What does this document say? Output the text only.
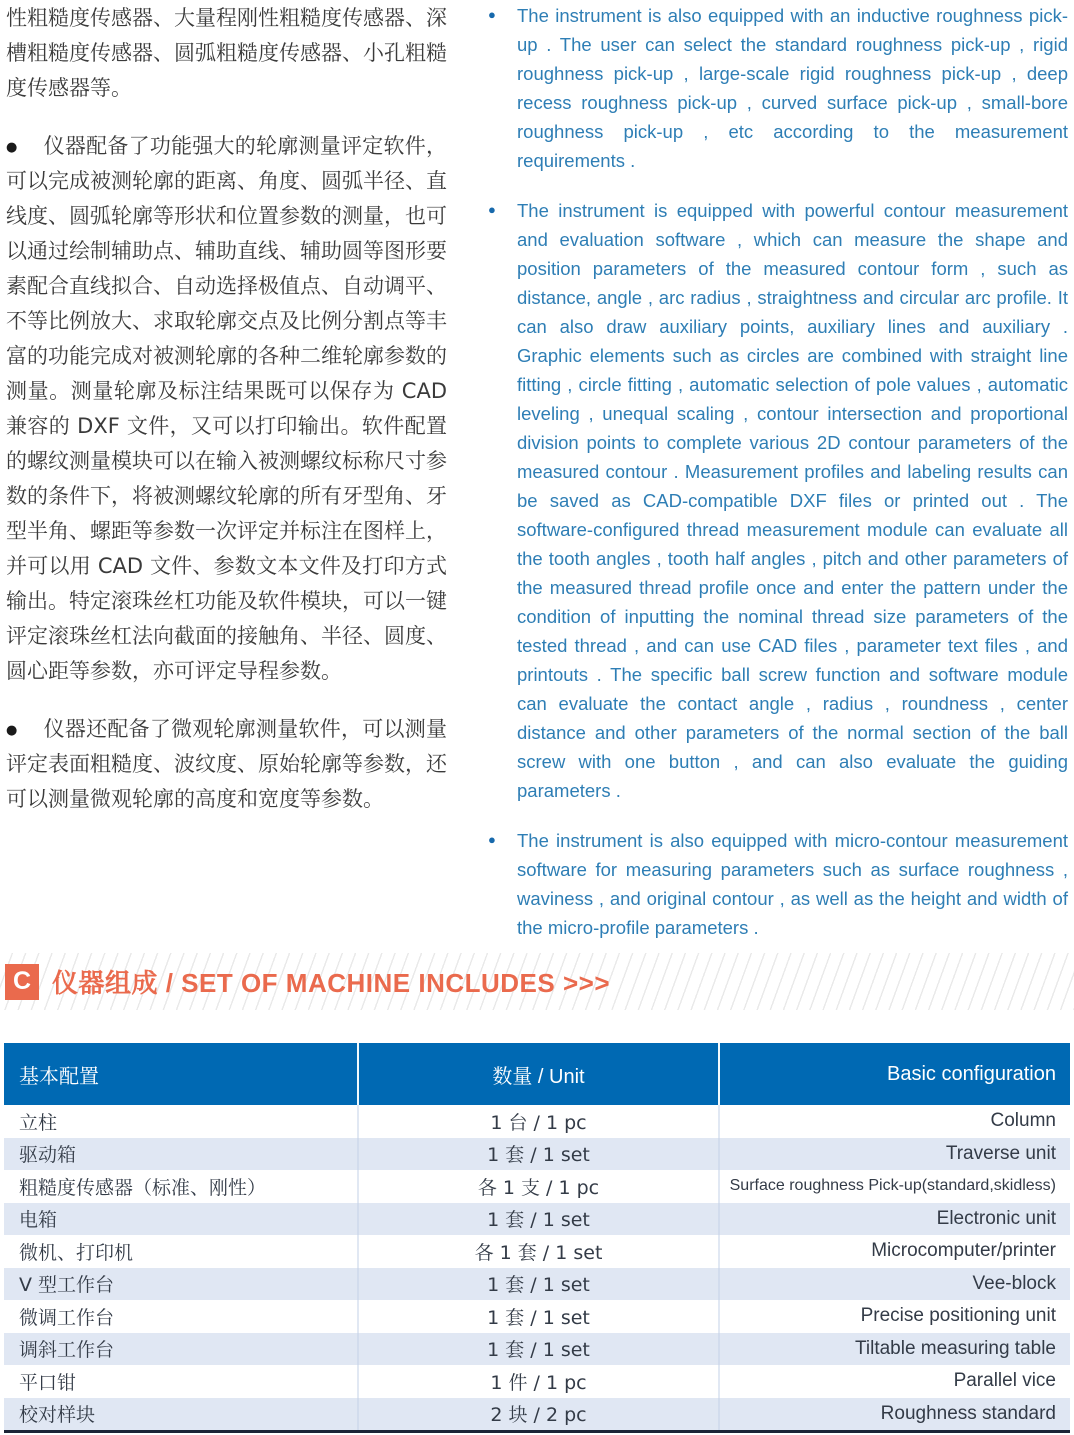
性粗糙度传感器、大量程刚性粗糙度传感器、深槽粗糙度传感器、圆弧粗糙度传感器、小孔粗糙度传感器等。

● 仪器配备了功能强大的轮廓测量评定软件，可以完成被测轮廓的距离、角度、圆弧半径、直线度、圆弧轮廓等形状和位置参数的测量，也可以通过绘制辅助点、辅助直线、辅助圆等图形要素配合直线拟合、自动选择极值点、自动调平、不等比例放大、求取轮廓交点及比例分割点等丰富的功能完成对被测轮廓的各种二维轮廓参数的测量。测量轮廓及标注结果既可以保存为 CAD 兼容的 DXF 文件，又可以打印输出。软件配置的螺纹测量模块可以在输入被测螺纹标称尺寸参数的条件下，将被测螺纹轮廓的所有牙型角、牙型半角、螺距等参数一次评定并标注在图样上，并可以用 CAD 文件、参数文本文件及打印方式输出。特定滚珠丝杠功能及软件模块，可以一键评定滚珠丝杠法向截面的接触角、半径、圆度、圆心距等参数，亦可评定导程参数。

● 仪器还配备了微观轮廓测量软件，可以测量评定表面粗糙度、波纹度、原始轮廓等参数，还可以测量微观轮廓的高度和宽度等参数。

● The instrument is also equipped with an inductive roughness pick-up . The user can select the standard roughness pick-up , rigid roughness pick-up , large-scale rigid roughness pick-up , deep recess roughness pick-up , curved surface pick-up , small-bore roughness pick-up , etc according to the measurement requirements .
● The instrument is equipped with powerful contour measurement and evaluation software , which can measure the shape and position parameters of the measured contour form , such as distance, angle , arc radius , straightness and circular arc profile. It can also draw auxiliary points, auxiliary lines and auxiliary . Graphic elements such as circles are combined with straight line fitting , circle fitting , automatic selection of pole values , automatic leveling , unequal scaling , contour intersection and proportional division points to complete various 2D contour parameters of the measured contour . Measurement profiles and labeling results can be saved as CAD-compatible DXF files or printed out . The software-configured thread measurement module can evaluate all the tooth angles , tooth half angles , pitch and other parameters of the measured thread profile once and enter the pattern under the condition of inputting the nominal thread size parameters of the tested thread , and can use CAD files , parameter text files , and printouts . The specific ball screw function and software module can evaluate the contact angle , radius , roundness , center distance and other parameters of the normal section of the ball screw with one button , and can also evaluate the guiding parameters .
● The instrument is also equipped with micro-contour measurement software for measuring parameters such as surface roughness , waviness , and original contour , as well as the height and width of the micro-profile parameters .
C 仪器组成 / SET OF MACHINE INCLUDES >>>
基本配置	数量 / Unit	Basic configuration
立柱	1 台 / 1 pc	Column
驱动箱	1 套 / 1 set	Traverse unit
粗糙度传感器（标准、刚性）	各 1 支 / 1 pc	Surface roughness Pick-up(standard,skidless)
电箱	1 套 / 1 set	Electronic unit
微机、打印机	各 1 套 / 1 set	Microcomputer/printer
V 型工作台	1 套 / 1 set	Vee-block
微调工作台	1 套 / 1 set	Precise positioning unit
调斜工作台	1 套 / 1 set	Tiltable measuring table
平口钳	1 件 / 1 pc	Parallel vice
校对样块	2 块 / 2 pc	Roughness standard
